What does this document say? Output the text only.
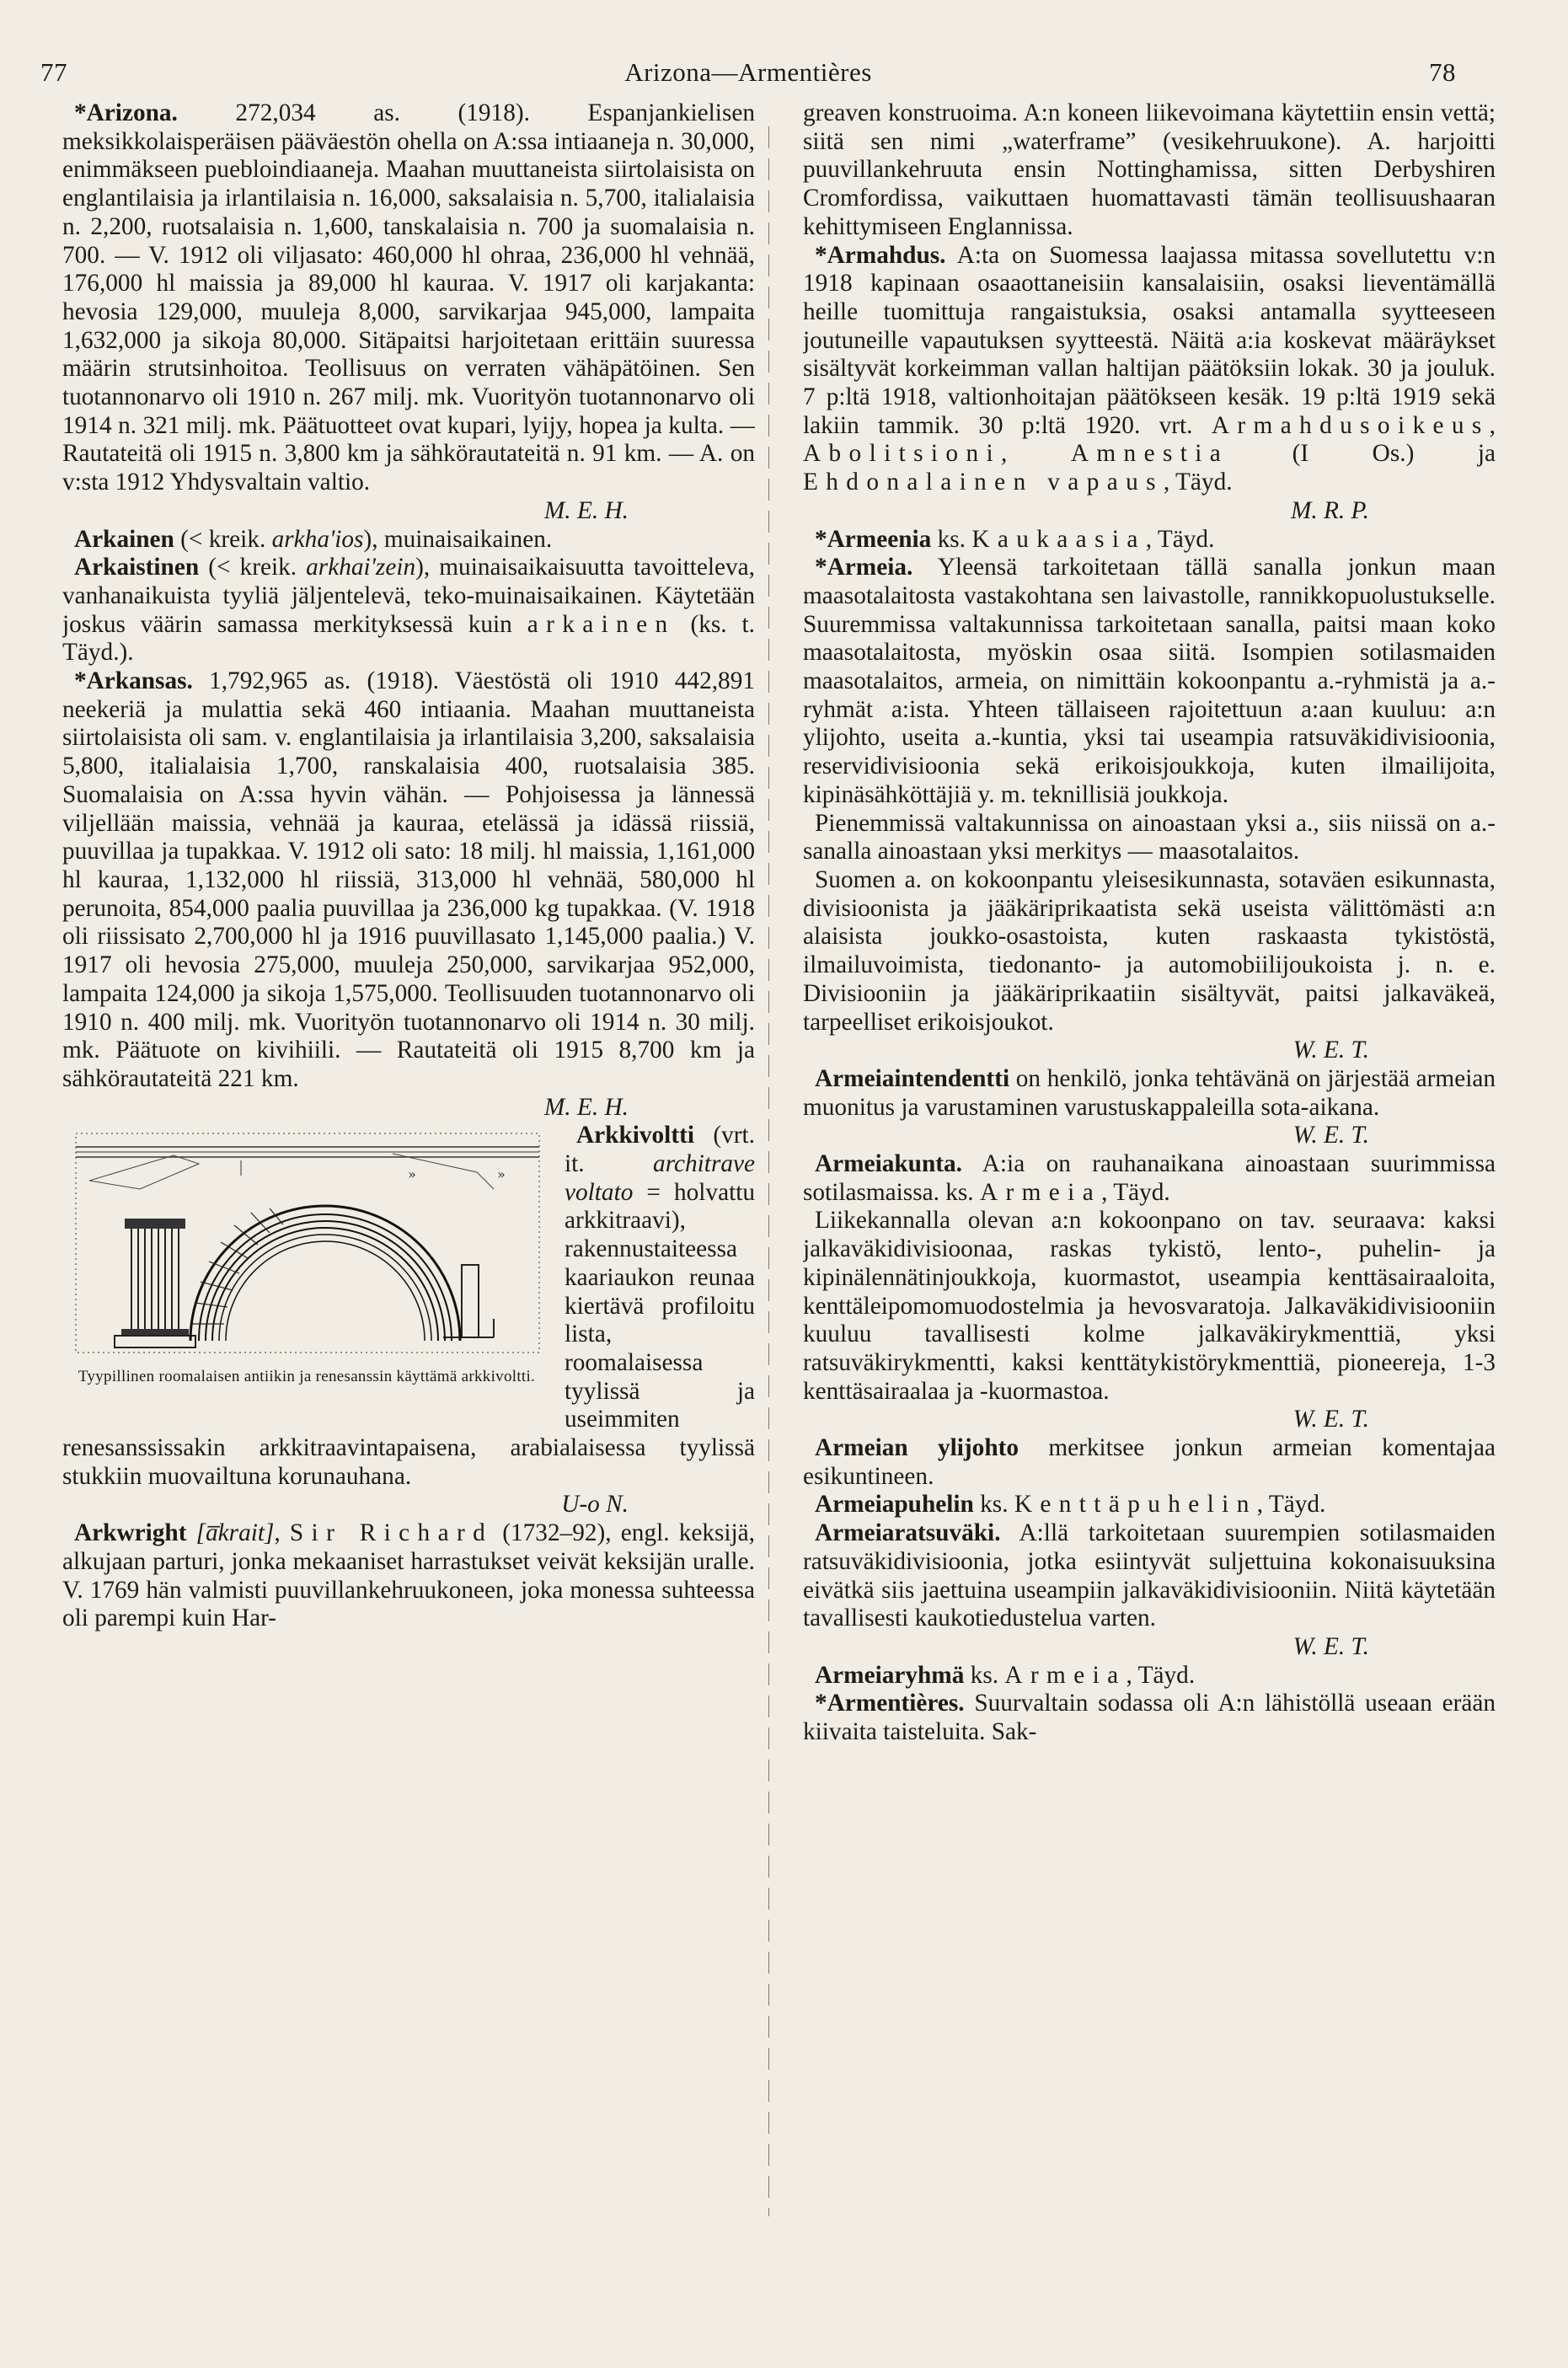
77	Arizona—Armentières	78

*Arizona. 272,034 as. (1918). Espanjankielisen meksikkolaisperäisen pääväestön ohella on A:ssa intiaaneja n. 30,000, enimmäkseen puebloindiaaneja. Maahan muuttaneista siirtolaisista on englantilaisia ja irlantilaisia n. 16,000, saksalaisia n. 5,700, italialaisia n. 2,200, ruotsalaisia n. 1,600, tanskalaisia n. 700 ja suomalaisia n. 700. — V. 1912 oli viljasato: 460,000 hl ohraa, 236,000 hl vehnää, 176,000 hl maissia ja 89,000 hl kauraa. V. 1917 oli karjakanta: hevosia 129,000, muuleja 8,000, sarvikarjaa 945,000, lampaita 1,632,000 ja sikoja 80,000. Sitäpaitsi harjoitetaan erittäin suuressa määrin strutsinhoitoa. Teollisuus on verraten vähäpätöinen. Sen tuotannonarvo oli 1910 n. 267 milj. mk. Vuorityön tuotannonarvo oli 1914 n. 321 milj. mk. Päätuotteet ovat kupari, lyijy, hopea ja kulta. — Rautateitä oli 1915 n. 3,800 km ja sähkörautateitä n. 91 km. — A. on v:sta 1912 Yhdysvaltain valtio.
M. E. H.

Arkainen (< kreik. arkha'ios), muinaisaikainen.

Arkaistinen (< kreik. arkhai'zein), muinaisaikaisuutta tavoitteleva, vanhanaikuista tyyliä jäljentelevä, teko-muinaisaikainen. Käytetään joskus väärin samassa merkityksessä kuin arkainen (ks. t. Täyd.).

*Arkansas. 1,792,965 as. (1918). Väestöstä oli 1910 442,891 neekeriä ja mulattia sekä 460 intiaania. Maahan muuttaneista siirtolaisista oli sam. v. englantilaisia ja irlantilaisia 3,200, saksalaisia 5,800, italialaisia 1,700, ranskalaisia 400, ruotsalaisia 385. Suomalaisia on A:ssa hyvin vähän. — Pohjoisessa ja lännessä viljellään maissia, vehnää ja kauraa, etelässä ja idässä riissiä, puuvillaa ja tupakkaa. V. 1912 oli sato: 18 milj. hl maissia, 1,161,000 hl kauraa, 1,132,000 hl riissiä, 313,000 hl vehnää, 580,000 hl perunoita, 854,000 paalia puuvillaa ja 236,000 kg tupakkaa. (V. 1918 oli riissisato 2,700,000 hl ja 1916 puuvillasato 1,145,000 paalia.) V. 1917 oli hevosia 275,000, muuleja 250,000, sarvikarjaa 952,000, lampaita 124,000 ja sikoja 1,575,000. Teollisuuden tuotannonarvo oli 1910 n. 400 milj. mk. Vuorityön tuotannonarvo oli 1914 n. 30 milj. mk. Päätuote on kivihiili. — Rautateitä oli 1915 8,700 km ja sähkörautateitä 221 km.
M. E. H.

»	»
Tyypillinen roomalaisen antiikin ja renesanssin käyttämä arkkivoltti.

Arkkivoltti (vrt. it. architrave voltato = holvattu arkkitraavi), rakennustaiteessa kaariaukon reunaa kiertävä profiloitu lista, roomalaisessa tyylissä ja useimmiten renesanssissakin arkkitraavintapaisena, arabialaisessa tyylissä stukkiin muovailtuna korunauhana.
U-o N.

Arkwright [a̅krait], Sir Richard (1732–92), engl. keksijä, alkujaan parturi, jonka mekaaniset harrastukset veivät keksijän uralle. V. 1769 hän valmisti puuvillankehruukoneen, joka monessa suhteessa oli parempi kuin Har-

greaven konstruoima. A:n koneen liikevoimana käytettiin ensin vettä; siitä sen nimi „waterframe” (vesikehruukone). A. harjoitti puuvillankehruuta ensin Nottinghamissa, sitten Derbyshiren Cromfordissa, vaikuttaen huomattavasti tämän teollisuushaaran kehittymiseen Englannissa.

*Armahdus. A:ta on Suomessa laajassa mitassa sovellutettu v:n 1918 kapinaan osaaottaneisiin kansalaisiin, osaksi lieventämällä heille tuomittuja rangaistuksia, osaksi antamalla syytteeseen joutuneille vapautuksen syytteestä. Näitä a:ia koskevat määräykset sisältyvät korkeimman vallan haltijan päätöksiin lokak. 30 ja jouluk. 7 p:ltä 1918, valtionhoitajan päätökseen kesäk. 19 p:ltä 1919 sekä lakiin tammik. 30 p:ltä 1920. vrt. Armahdusoikeus, Abolitsioni, Amnestia (I Os.) ja Ehdonalainen vapaus, Täyd.
M. R. P.

*Armeenia ks. Kaukaasia, Täyd.

*Armeia. Yleensä tarkoitetaan tällä sanalla jonkun maan maasotalaitosta vastakohtana sen laivastolle, rannikkopuolustukselle. Suuremmissa valtakunnissa tarkoitetaan sanalla, paitsi maan koko maasotalaitosta, myöskin osaa siitä. Isompien sotilasmaiden maasotalaitos, armeia, on nimittäin kokoonpantu a.-ryhmistä ja a.-ryhmät a:ista. Yhteen tällaiseen rajoitettuun a:aan kuuluu: a:n ylijohto, useita a.-kuntia, yksi tai useampia ratsuväkidivisioonia, reservidivisioonia sekä erikoisjoukkoja, kuten ilmailijoita, kipinäsähköttäjiä y. m. teknillisiä joukkoja.

Pienemmissä valtakunnissa on ainoastaan yksi a., siis niissä on a.-sanalla ainoastaan yksi merkitys — maasotalaitos.

Suomen a. on kokoonpantu yleisesikunnasta, sotaväen esikunnasta, divisioonista ja jääkäriprikaatista sekä useista välittömästi a:n alaisista joukko-osastoista, kuten raskaasta tykistöstä, ilmailuvoimista, tiedonanto- ja automobiilijoukoista j. n. e. Divisiooniin ja jääkäriprikaatiin sisältyvät, paitsi jalkaväkeä, tarpeelliset erikoisjoukot.
W. E. T.

Armeiaintendentti on henkilö, jonka tehtävänä on järjestää armeian muonitus ja varustaminen varustuskappaleilla sota-aikana.
W. E. T.

Armeiakunta. A:ia on rauhanaikana ainoastaan suurimmissa sotilasmaissa. ks. Armeia, Täyd.

Liikekannalla olevan a:n kokoonpano on tav. seuraava: kaksi jalkaväkidivisioonaa, raskas tykistö, lento-, puhelin- ja kipinälennätinjoukkoja, kuormastot, useampia kenttäsairaaloita, kenttäleipomomuodostelmia ja hevosvaratoja. Jalkaväkidivisiooniin kuuluu tavallisesti kolme jalkaväkirykmenttiä, yksi ratsuväkirykmentti, kaksi kenttätykistörykmenttiä, pioneereja, 1-3 kenttäsairaalaa ja -kuormastoa.
W. E. T.

Armeian ylijohto merkitsee jonkun armeian komentajaa esikuntineen.

Armeiapuhelin ks. Kenttäpuhelin, Täyd.

Armeiaratsuväki. A:llä tarkoitetaan suurempien sotilasmaiden ratsuväkidivisioonia, jotka esiintyvät suljettuina kokonaisuuksina eivätkä siis jaettuina useampiin jalkaväkidivisiooniin. Niitä käytetään tavallisesti kaukotiedustelua varten.
W. E. T.

Armeiaryhmä ks. Armeia, Täyd.

*Armentières. Suurvaltain sodassa oli A:n lähistöllä useaan erään kiivaita taisteluita. Sak-
